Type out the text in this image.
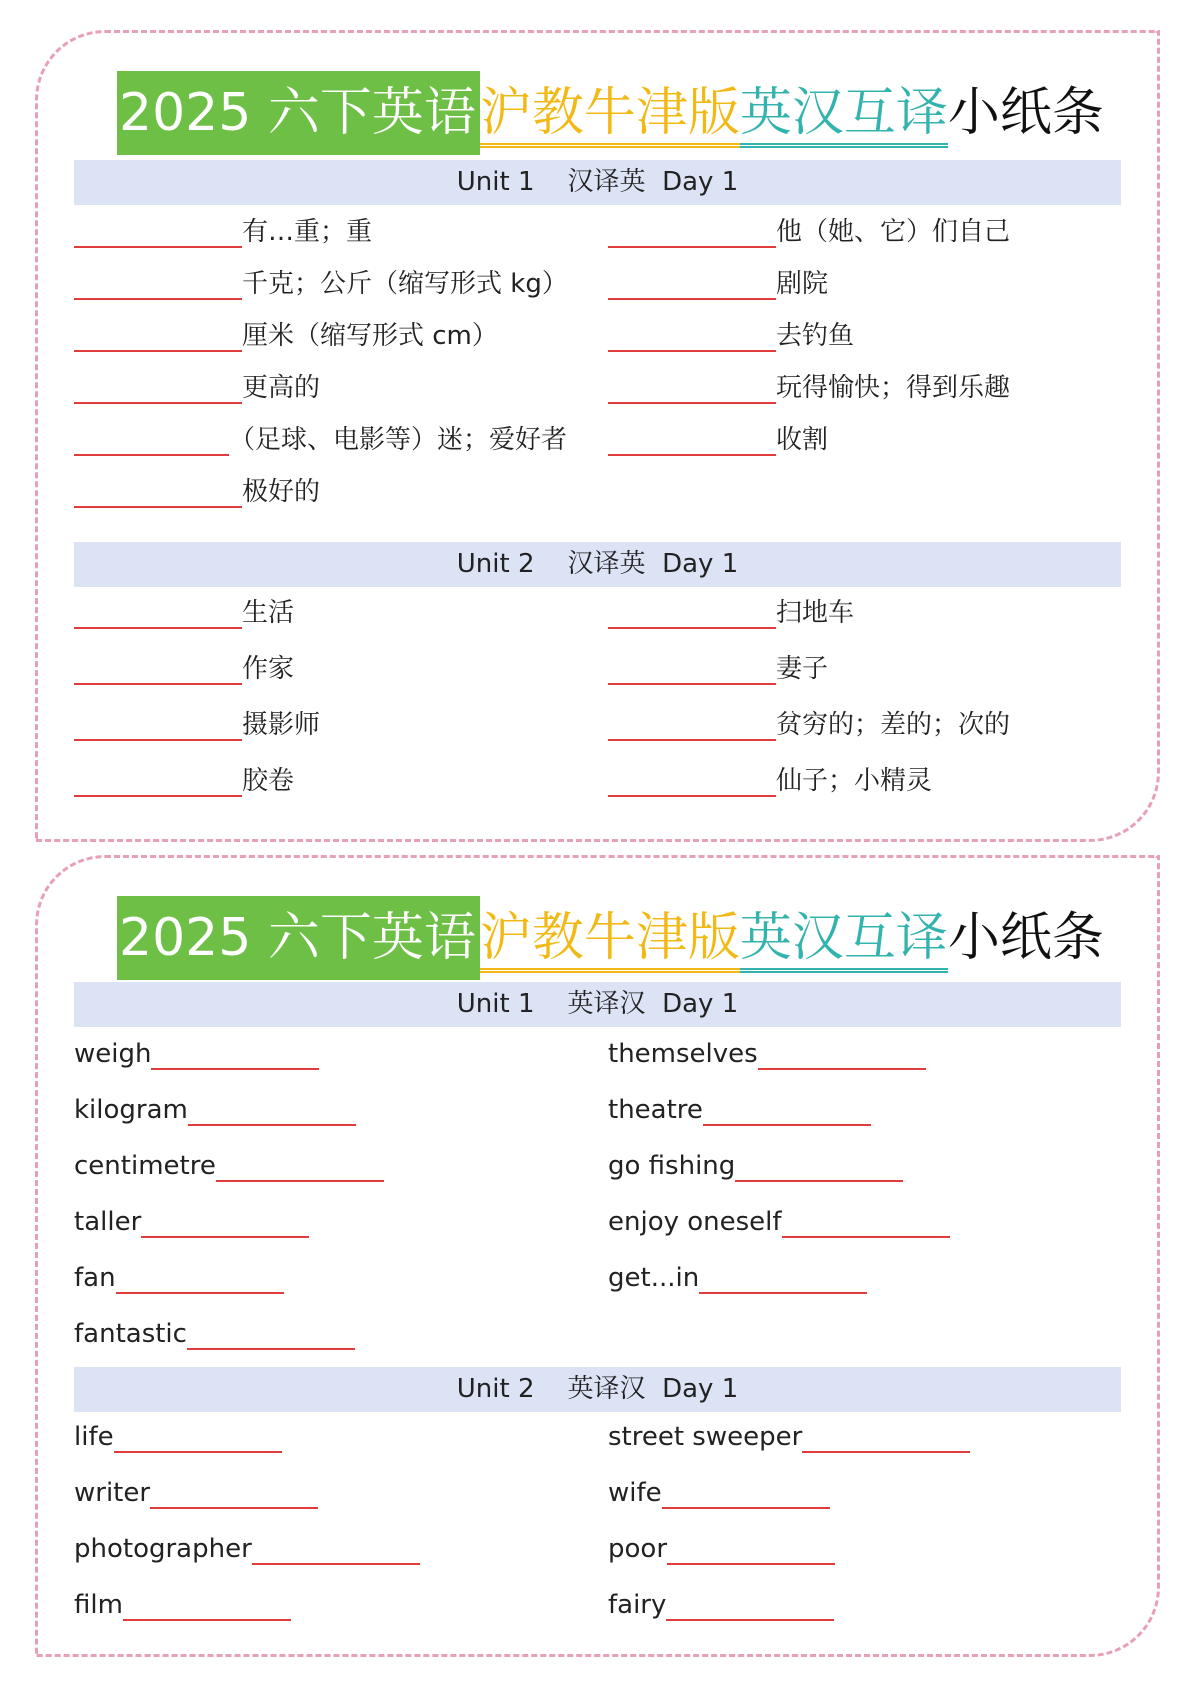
2025 六下英语沪教牛津版英汉互译小纸条
Unit 1    汉译英  Day 1
有…重；重
千克；公斤（缩写形式 kg）
厘米（缩写形式 cm）
更高的
（足球、电影等）迷；爱好者
极好的
他（她、它）们自己
剧院
去钓鱼
玩得愉快；得到乐趣
收割
Unit 2    汉译英  Day 1
生活
作家
摄影师
胶卷
扫地车
妻子
贫穷的；差的；次的
仙子；小精灵
2025 六下英语沪教牛津版英汉互译小纸条
Unit 1    英译汉  Day 1
weigh
kilogram
centimetre
taller
fan
fantastic
themselves
theatre
go fishing
enjoy oneself
get...in
Unit 2    英译汉  Day 1
life
writer
photographer
film
street sweeper
wife
poor
fairy
